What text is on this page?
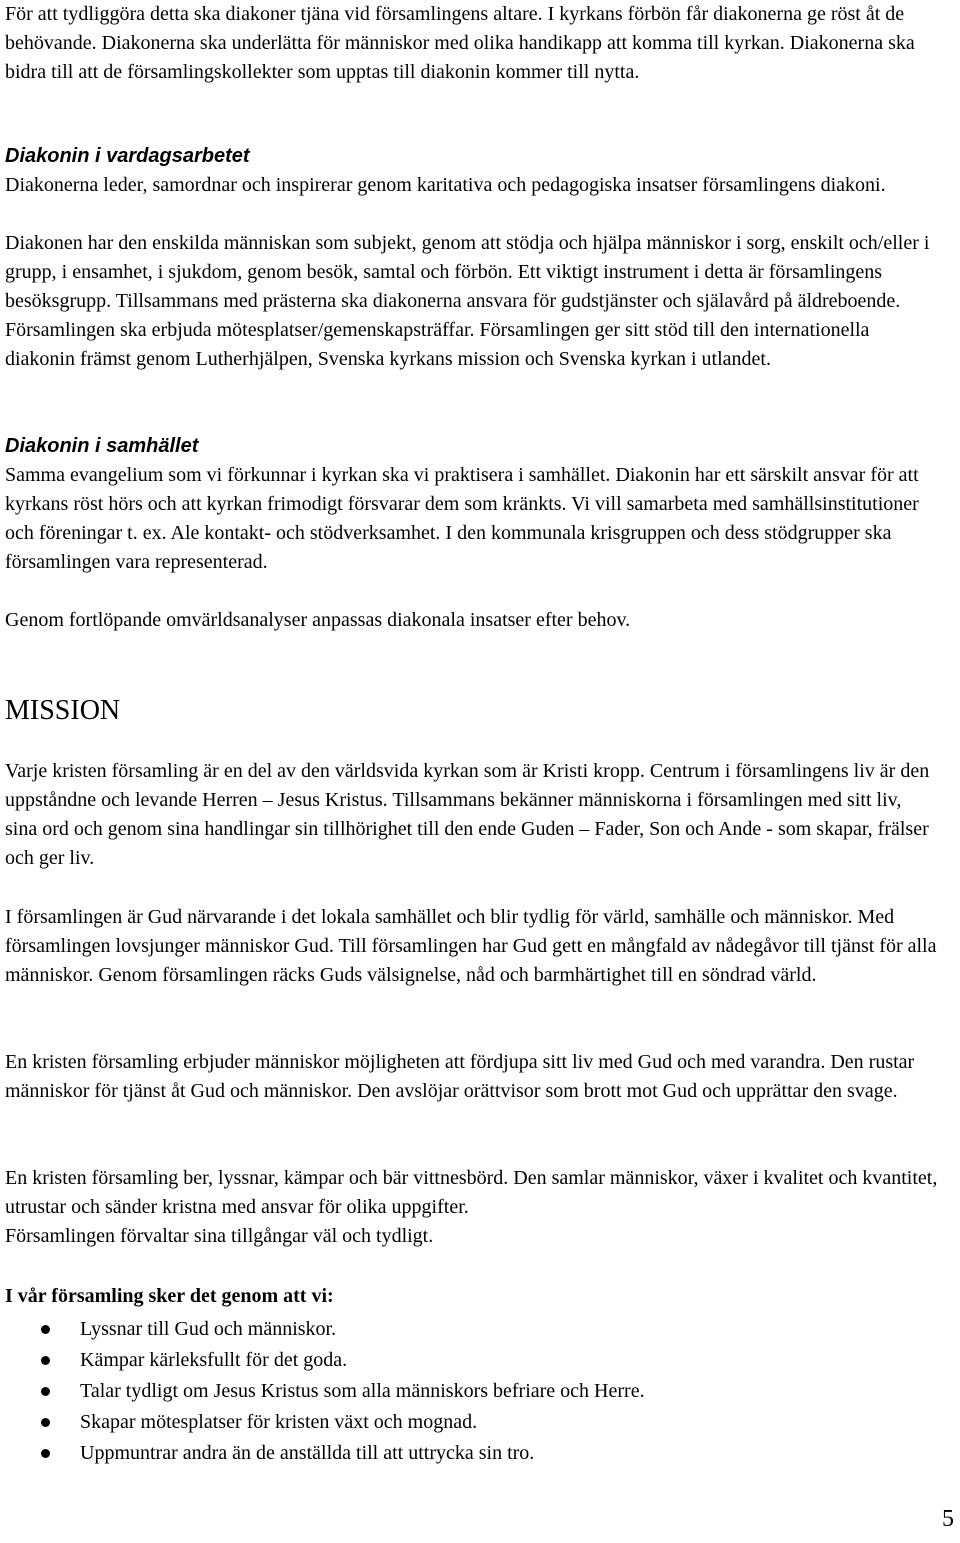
För att tydliggöra detta ska diakoner tjäna vid församlingens altare. I kyrkans förbön får diakonerna ge röst åt de behövande. Diakonerna ska underlätta för människor med olika handikapp att komma till kyrkan. Diakonerna ska bidra till att de församlingskollekter som upptas till diakonin kommer till nytta.

Diakonin i vardagsarbetet

Diakonerna leder, samordnar och inspirerar genom karitativa och pedagogiska insatser församlingens diakoni.

Diakonen har den enskilda människan som subjekt, genom att stödja och hjälpa människor i sorg, enskilt och/eller i grupp, i ensamhet, i sjukdom, genom besök, samtal och förbön. Ett viktigt instrument i detta är församlingens besöksgrupp. Tillsammans med prästerna ska diakonerna ansvara för gudstjänster och själavård på äldreboende. Församlingen ska erbjuda mötesplatser/gemenskapsträffar. Församlingen ger sitt stöd till den internationella diakonin främst genom Lutherhjälpen, Svenska kyrkans mission och Svenska kyrkan i utlandet.

Diakonin i samhället

Samma evangelium som vi förkunnar i kyrkan ska vi praktisera i samhället. Diakonin har ett särskilt ansvar för att kyrkans röst hörs och att kyrkan frimodigt försvarar dem som kränkts. Vi vill samarbeta med samhällsinstitutioner och föreningar t. ex. Ale kontakt- och stödverksamhet. I den kommunala krisgruppen och dess stödgrupper ska församlingen vara representerad.

Genom fortlöpande omvärldsanalyser anpassas diakonala insatser efter behov.

MISSION

Varje kristen församling är en del av den världsvida kyrkan som är Kristi kropp. Centrum i församlingens liv är den uppståndne och levande Herren – Jesus Kristus. Tillsammans bekänner människorna i församlingen med sitt liv, sina ord och genom sina handlingar sin tillhörighet till den ende Guden – Fader, Son och Ande - som skapar, frälser och ger liv.

I församlingen är Gud närvarande i det lokala samhället och blir tydlig för värld, samhälle och människor. Med församlingen lovsjunger människor Gud. Till församlingen har Gud gett en mångfald av nådegåvor till tjänst för alla människor. Genom församlingen räcks Guds välsignelse, nåd och barmhärtighet till en söndrad värld.

En kristen församling erbjuder människor möjligheten att fördjupa sitt liv med Gud och med varandra. Den rustar människor för tjänst åt Gud och människor. Den avslöjar orättvisor som brott mot Gud och upprättar den svage.

En kristen församling ber, lyssnar, kämpar och bär vittnesbörd. Den samlar människor, växer i kvalitet och kvantitet, utrustar och sänder kristna med ansvar för olika uppgifter.

Församlingen förvaltar sina tillgångar väl och tydligt.

I vår församling sker det genom att vi:

Lyssnar till Gud och människor.
Kämpar kärleksfullt för det goda.
Talar tydligt om Jesus Kristus som alla människors befriare och Herre.
Skapar mötesplatser för kristen växt och mognad.
Uppmuntrar andra än de anställda till att uttrycka sin tro.
5
